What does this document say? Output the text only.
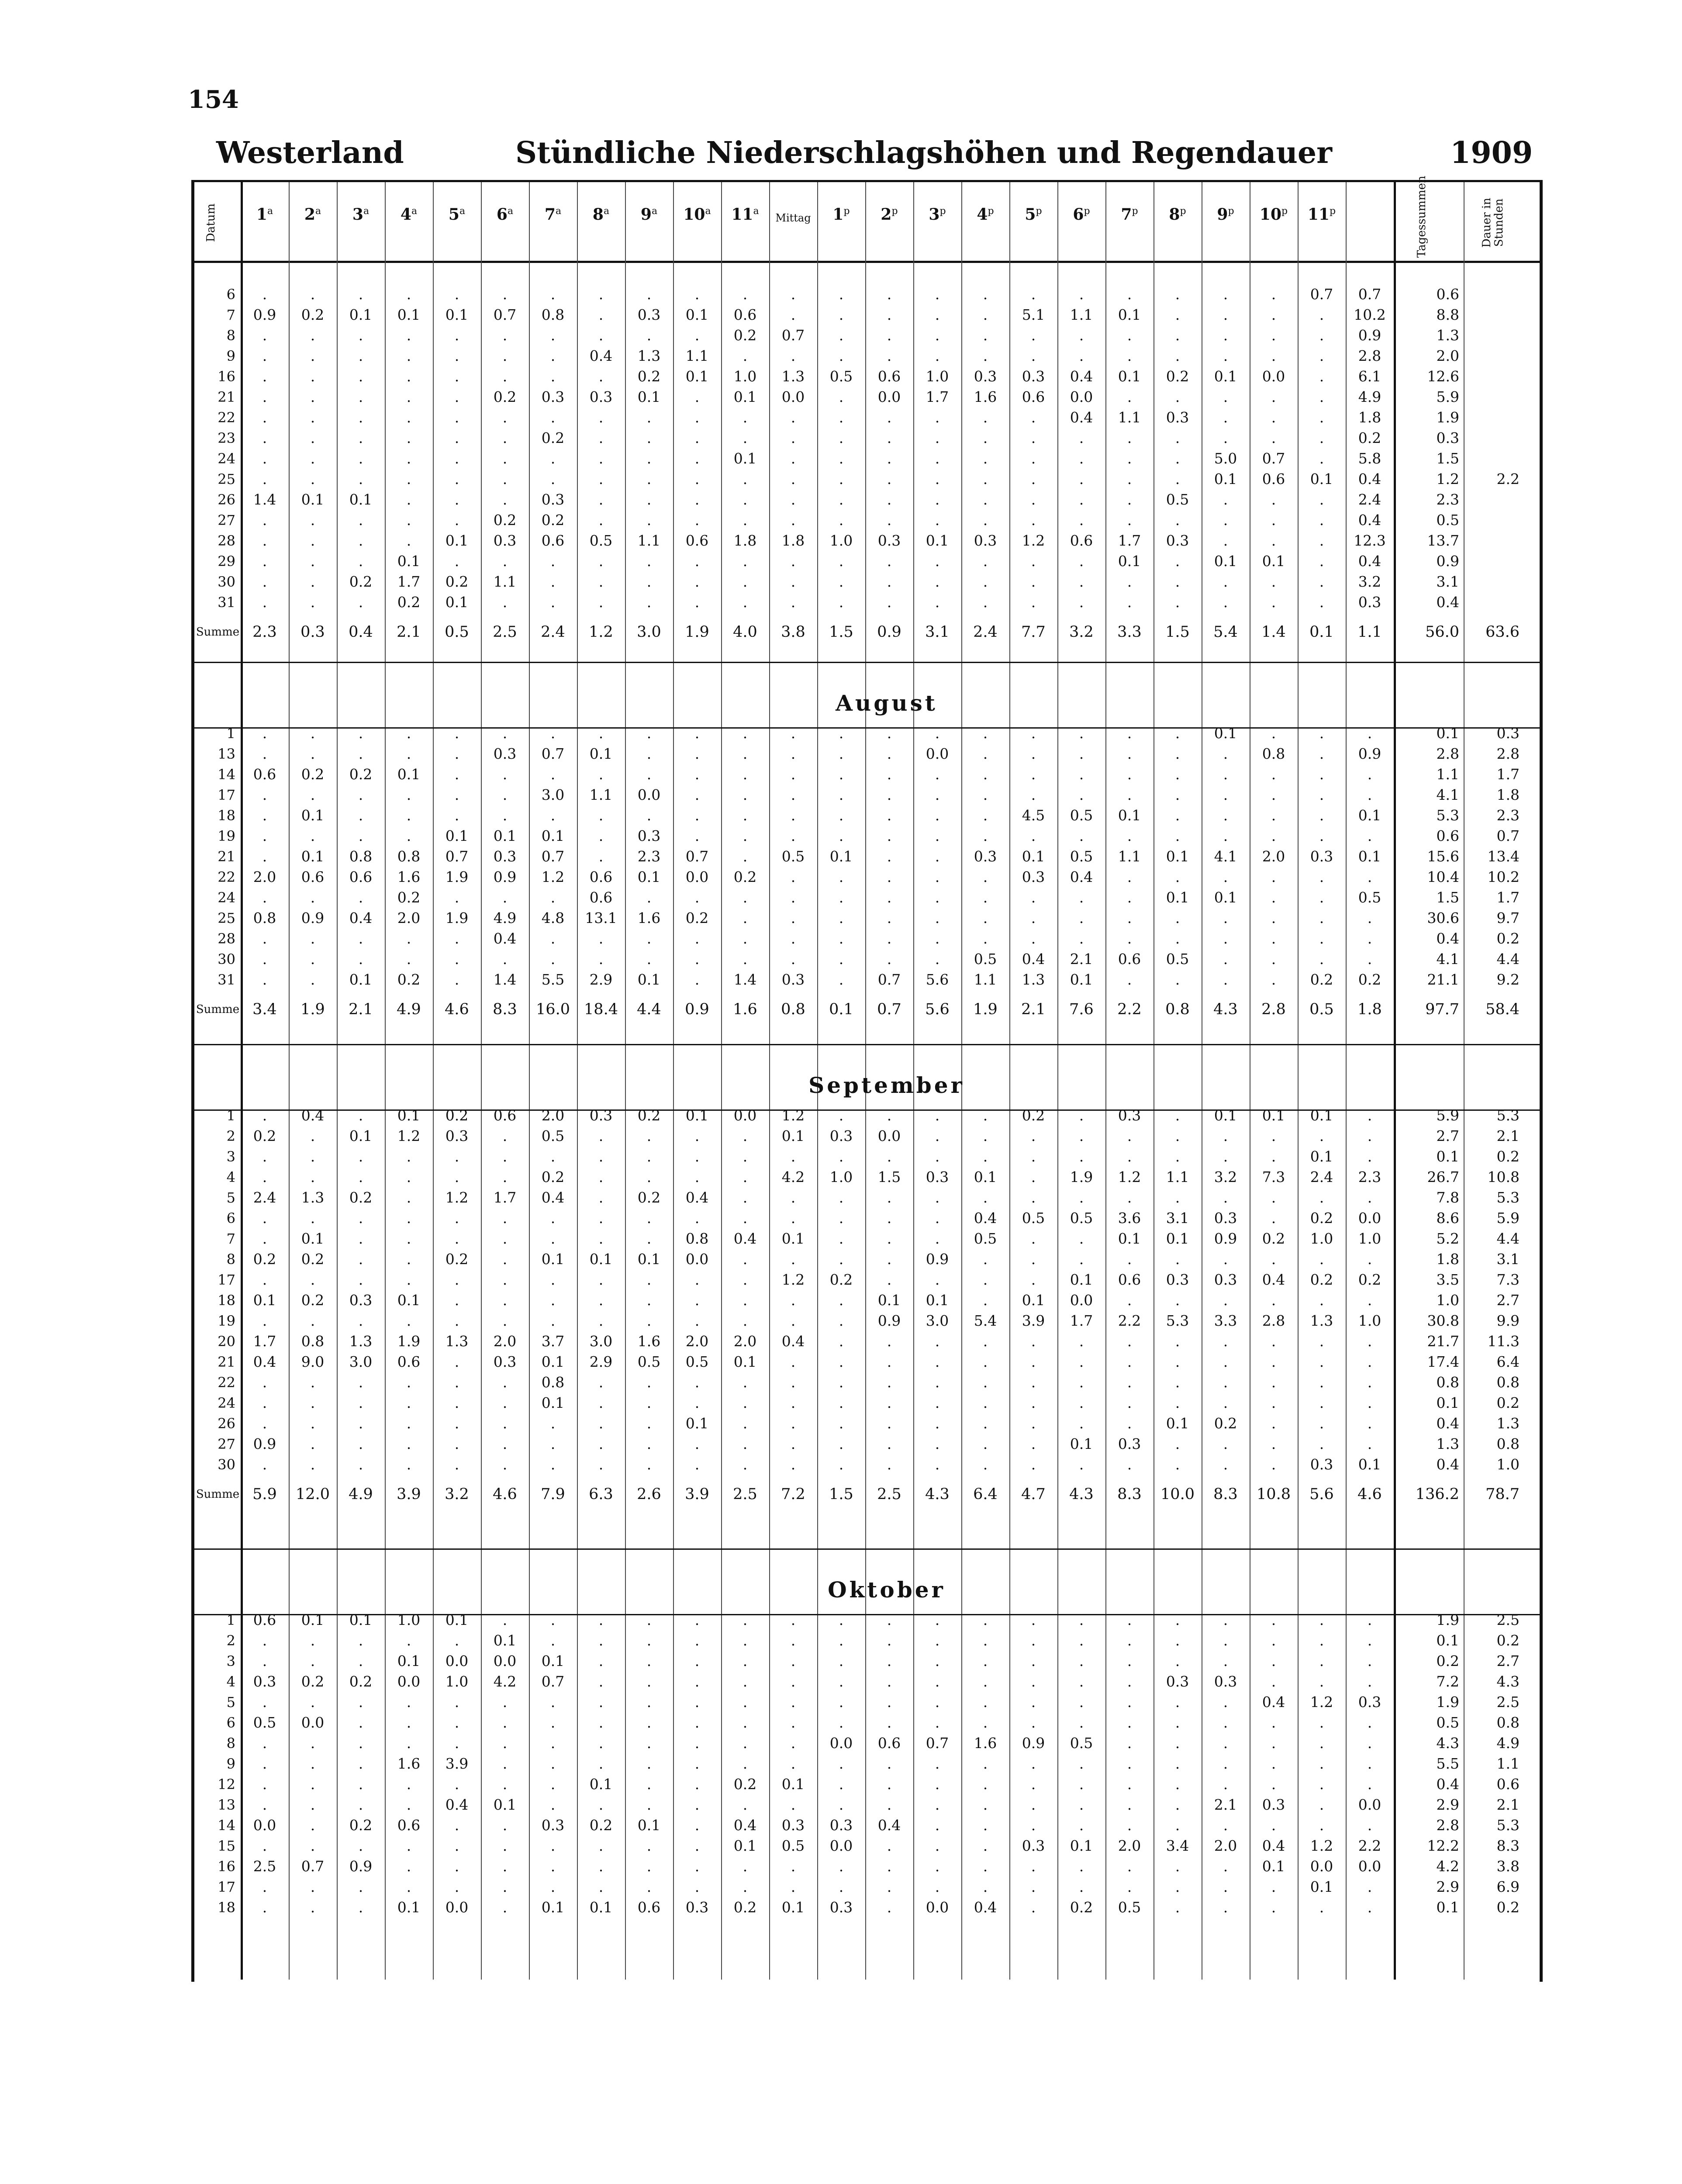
154
Westerland	Stündliche Niederschlagshöhen und Regendauer	1909
Datum	1$^a$	2$^a$	3$^a$	4$^a$	5$^a$	6$^a$	7$^a$	8$^a$	9$^a$	10$^a$	11$^a$
Mittag	1$^p$	2$^p$	3$^p$	4$^p$	5$^p$	6$^p$	7$^p$	8$^p$	9$^p$	10$^p$	11$^p$	Tagessummen	Dauer in Stunden
6	.	.	.	.	.	.	.	.	.	.	.	.	.	.	.	.	.	.	.	.	.	.	0.7	0.7	0.6	
7	0.9	0.2	0.1	0.1	0.1	0.7	0.8	.	0.3	0.1	0.6	.	.	.	.	.	5.1	1.1	0.1	.	.	.	.	10.2	8.8	
8	.	.	.	.	.	.	.	.	.	.	0.2	0.7	.	.	.	.	.	.	.	.	.	.	.	0.9	1.3	
9	.	.	.	.	.	.	.	0.4	1.3	1.1	.	.	.	.	.	.	.	.	.	.	.	.	.	2.8	2.0	
16	.	.	.	.	.	.	.	.	0.2	0.1	1.0	1.3	0.5	0.6	1.0	0.3	0.3	0.4	0.1	0.2	0.1	0.0	.	6.1	12.6	
21	.	.	.	.	.	0.2	0.3	0.3	0.1	.	0.1	0.0	.	0.0	1.7	1.6	0.6	0.0	.	.	.	.	.	4.9	5.9	
22	.	.	.	.	.	.	.	.	.	.	.	.	.	.	.	.	.	0.4	1.1	0.3	.	.	.	1.8	1.9	
23	.	.	.	.	.	.	0.2	.	.	.	.	.	.	.	.	.	.	.	.	.	.	.	.	0.2	0.3	
24	.	.	.	.	.	.	.	.	.	.	0.1	.	.	.	.	.	.	.	.	.	5.0	0.7	.	5.8	1.5	
25	.	.	.	.	.	.	.	.	.	.	.	.	.	.	.	.	.	.	.	.	0.1	0.6	0.1	0.4	1.2	2.2
26	1.4	0.1	0.1	.	.	.	0.3	.	.	.	.	.	.	.	.	.	.	.	.	0.5	.	.	.	2.4	2.3	
27	.	.	.	.	.	0.2	0.2	.	.	.	.	.	.	.	.	.	.	.	.	.	.	.	.	0.4	0.5	
28	.	.	.	.	0.1	0.3	0.6	0.5	1.1	0.6	1.8	1.8	1.0	0.3	0.1	0.3	1.2	0.6	1.7	0.3	.	.	.	12.3	13.7	
29	.	.	.	0.1	.	.	.	.	.	.	.	.	.	.	.	.	.	.	0.1	.	0.1	0.1	.	0.4	0.9	
30	.	.	0.2	1.7	0.2	1.1	.	.	.	.	.	.	.	.	.	.	.	.	.	.	.	.	.	3.2	3.1	
31	.	.	.	0.2	0.1	.	.	.	.	.	.	.	.	.	.	.	.	.	.	.	.	.	.	0.3	0.4	
Summe	2.3	0.3	0.4	2.1	0.5	2.5	2.4	1.2	3.0	1.9	4.0	3.8	1.5	0.9	3.1	2.4	7.7	3.2	3.3	1.5	5.4	1.4	0.1	1.1	56.0	63.6
August
1	.	.	.	.	.	.	.	.	.	.	.	.	.	.	.	.	.	.	.	.	0.1	.	.	.	0.1	0.3
13	.	.	.	.	.	0.3	0.7	0.1	.	.	.	.	.	.	0.0	.	.	.	.	.	.	0.8	.	0.9	2.8	2.8
14	0.6	0.2	0.2	0.1	.	.	.	.	.	.	.	.	.	.	.	.	.	.	.	.	.	.	.	.	1.1	1.7
17	.	.	.	.	.	.	3.0	1.1	0.0	.	.	.	.	.	.	.	.	.	.	.	.	.	.	.	4.1	1.8
18	.	0.1	.	.	.	.	.	.	.	.	.	.	.	.	.	.	4.5	0.5	0.1	.	.	.	.	0.1	5.3	2.3
19	.	.	.	.	0.1	0.1	0.1	.	0.3	.	.	.	.	.	.	.	.	.	.	.	.	.	.	.	0.6	0.7
21	.	0.1	0.8	0.8	0.7	0.3	0.7	.	2.3	0.7	.	0.5	0.1	.	.	0.3	0.1	0.5	1.1	0.1	4.1	2.0	0.3	0.1	15.6	13.4
22	2.0	0.6	0.6	1.6	1.9	0.9	1.2	0.6	0.1	0.0	0.2	.	.	.	.	.	0.3	0.4	.	.	.	.	.	.	10.4	10.2
24	.	.	.	0.2	.	.	.	0.6	.	.	.	.	.	.	.	.	.	.	.	0.1	0.1	.	.	0.5	1.5	1.7
25	0.8	0.9	0.4	2.0	1.9	4.9	4.8	13.1	1.6	0.2	.	.	.	.	.	.	.	.	.	.	.	.	.	.	30.6	9.7
28	.	.	.	.	.	0.4	.	.	.	.	.	.	.	.	.	.	.	.	.	.	.	.	.	.	0.4	0.2
30	.	.	.	.	.	.	.	.	.	.	.	.	.	.	.	0.5	0.4	2.1	0.6	0.5	.	.	.	.	4.1	4.4
31	.	.	0.1	0.2	.	1.4	5.5	2.9	0.1	.	1.4	0.3	.	0.7	5.6	1.1	1.3	0.1	.	.	.	.	0.2	0.2	21.1	9.2
Summe	3.4	1.9	2.1	4.9	4.6	8.3	16.0	18.4	4.4	0.9	1.6	0.8	0.1	0.7	5.6	1.9	2.1	7.6	2.2	0.8	4.3	2.8	0.5	1.8	97.7	58.4
September
1	.	0.4	.	0.1	0.2	0.6	2.0	0.3	0.2	0.1	0.0	1.2	.	.	.	.	0.2	.	0.3	.	0.1	0.1	0.1	.	5.9	5.3
2	0.2	.	0.1	1.2	0.3	.	0.5	.	.	.	.	0.1	0.3	0.0	.	.	.	.	.	.	.	.	.	.	2.7	2.1
3	.	.	.	.	.	.	.	.	.	.	.	.	.	.	.	.	.	.	.	.	.	.	0.1	.	0.1	0.2
4	.	.	.	.	.	.	0.2	.	.	.	.	4.2	1.0	1.5	0.3	0.1	.	1.9	1.2	1.1	3.2	7.3	2.4	2.3	26.7	10.8
5	2.4	1.3	0.2	.	1.2	1.7	0.4	.	0.2	0.4	.	.	.	.	.	.	.	.	.	.	.	.	.	.	7.8	5.3
6	.	.	.	.	.	.	.	.	.	.	.	.	.	.	.	0.4	0.5	0.5	3.6	3.1	0.3	.	0.2	0.0	8.6	5.9
7	.	0.1	.	.	.	.	.	.	.	0.8	0.4	0.1	.	.	.	0.5	.	.	0.1	0.1	0.9	0.2	1.0	1.0	5.2	4.4
8	0.2	0.2	.	.	0.2	.	0.1	0.1	0.1	0.0	.	.	.	.	0.9	.	.	.	.	.	.	.	.	.	1.8	3.1
17	.	.	.	.	.	.	.	.	.	.	.	1.2	0.2	.	.	.	.	0.1	0.6	0.3	0.3	0.4	0.2	0.2	3.5	7.3
18	0.1	0.2	0.3	0.1	.	.	.	.	.	.	.	.	.	0.1	0.1	.	0.1	0.0	.	.	.	.	.	.	1.0	2.7
19	.	.	.	.	.	.	.	.	.	.	.	.	.	0.9	3.0	5.4	3.9	1.7	2.2	5.3	3.3	2.8	1.3	1.0	30.8	9.9
20	1.7	0.8	1.3	1.9	1.3	2.0	3.7	3.0	1.6	2.0	2.0	0.4	.	.	.	.	.	.	.	.	.	.	.	.	21.7	11.3
21	0.4	9.0	3.0	0.6	.	0.3	0.1	2.9	0.5	0.5	0.1	.	.	.	.	.	.	.	.	.	.	.	.	.	17.4	6.4
22	.	.	.	.	.	.	0.8	.	.	.	.	.	.	.	.	.	.	.	.	.	.	.	.	.	0.8	0.8
24	.	.	.	.	.	.	0.1	.	.	.	.	.	.	.	.	.	.	.	.	.	.	.	.	.	0.1	0.2
26	.	.	.	.	.	.	.	.	.	0.1	.	.	.	.	.	.	.	.	.	0.1	0.2	.	.	.	0.4	1.3
27	0.9	.	.	.	.	.	.	.	.	.	.	.	.	.	.	.	.	0.1	0.3	.	.	.	.	.	1.3	0.8
30	.	.	.	.	.	.	.	.	.	.	.	.	.	.	.	.	.	.	.	.	.	.	0.3	0.1	0.4	1.0
Summe	5.9	12.0	4.9	3.9	3.2	4.6	7.9	6.3	2.6	3.9	2.5	7.2	1.5	2.5	4.3	6.4	4.7	4.3	8.3	10.0	8.3	10.8	5.6	4.6	136.2	78.7
Oktober
1	0.6	0.1	0.1	1.0	0.1	.	.	.	.	.	.	.	.	.	.	.	.	.	.	.	.	.	.	.	1.9	2.5
2	.	.	.	.	.	0.1	.	.	.	.	.	.	.	.	.	.	.	.	.	.	.	.	.	.	0.1	0.2
3	.	.	.	0.1	0.0	0.0	0.1	.	.	.	.	.	.	.	.	.	.	.	.	.	.	.	.	.	0.2	2.7
4	0.3	0.2	0.2	0.0	1.0	4.2	0.7	.	.	.	.	.	.	.	.	.	.	.	.	0.3	0.3	.	.	.	7.2	4.3
5	.	.	.	.	.	.	.	.	.	.	.	.	.	.	.	.	.	.	.	.	.	0.4	1.2	0.3	1.9	2.5
6	0.5	0.0	.	.	.	.	.	.	.	.	.	.	.	.	.	.	.	.	.	.	.	.	.	.	0.5	0.8
8	.	.	.	.	.	.	.	.	.	.	.	.	0.0	0.6	0.7	1.6	0.9	0.5	.	.	.	.	.	.	4.3	4.9
9	.	.	.	1.6	3.9	.	.	.	.	.	.	.	.	.	.	.	.	.	.	.	.	.	.	.	5.5	1.1
12	.	.	.	.	.	.	.	0.1	.	.	0.2	0.1	.	.	.	.	.	.	.	.	.	.	.	.	0.4	0.6
13	.	.	.	.	0.4	0.1	.	.	.	.	.	.	.	.	.	.	.	.	.	.	2.1	0.3	.	0.0	2.9	2.1
14	0.0	.	0.2	0.6	.	.	0.3	0.2	0.1	.	0.4	0.3	0.3	0.4	.	.	.	.	.	.	.	.	.	.	2.8	5.3
15	.	.	.	.	.	.	.	.	.	.	0.1	0.5	0.0	.	.	.	0.3	0.1	2.0	3.4	2.0	0.4	1.2	2.2	12.2	8.3
16	2.5	0.7	0.9	.	.	.	.	.	.	.	.	.	.	.	.	.	.	.	.	.	.	0.1	0.0	0.0	4.2	3.8
17	.	.	.	.	.	.	.	.	.	.	.	.	.	.	.	.	.	.	.	.	.	.	0.1	.	2.9	6.9
18	.	.	.	0.1	0.0	.	0.1	0.1	0.6	0.3	0.2	0.1	0.3	.	0.0	0.4	.	0.2	0.5	.	.	.	.	.	0.1	0.2
